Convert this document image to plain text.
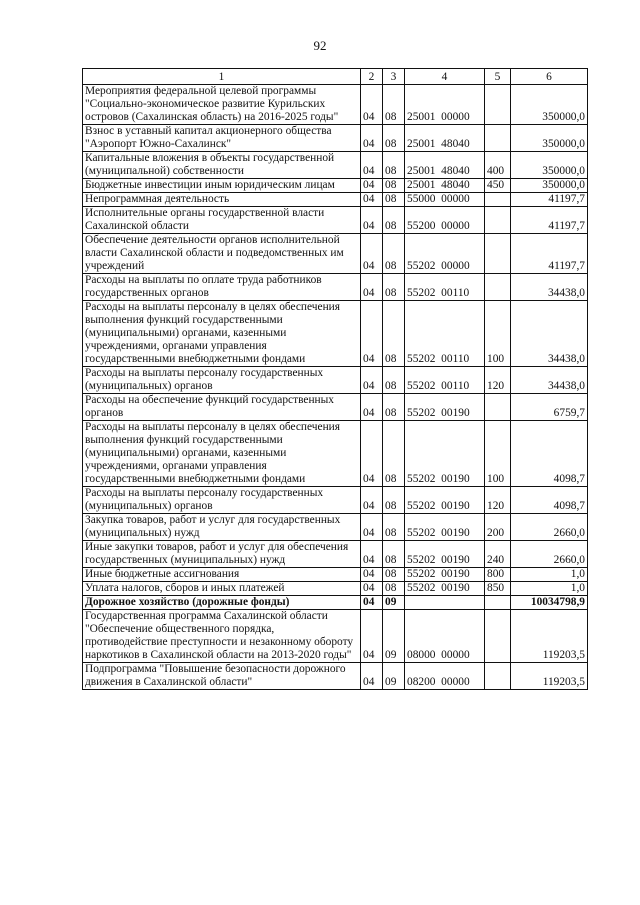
92
1	2	3	4	5	6
Мероприятия федеральной целевой программы "Социально-экономическое развитие Курильских островов (Сахалинская область) на 2016-2025 годы"	04	08	25001  00000		350000,0
Взнос в уставный капитал акционерного общества "Аэропорт Южно-Сахалинск"	04	08	25001  48040		350000,0
Капитальные вложения в объекты государственной (муниципальной) собственности	04	08	25001  48040	400	350000,0
Бюджетные инвестиции иным юридическим лицам	04	08	25001  48040	450	350000,0
Непрограммная деятельность	04	08	55000  00000		41197,7
Исполнительные органы государственной власти Сахалинской области	04	08	55200  00000		41197,7
Обеспечение деятельности органов исполнительной власти Сахалинской области и подведомственных им учреждений	04	08	55202  00000		41197,7
Расходы на выплаты по оплате труда работников государственных органов	04	08	55202  00110		34438,0
Расходы на выплаты персоналу в целях обеспечения выполнения функций государственными (муниципальными) органами, казенными учреждениями, органами управления государственными внебюджетными фондами	04	08	55202  00110	100	34438,0
Расходы на выплаты персоналу государственных (муниципальных) органов	04	08	55202  00110	120	34438,0
Расходы на обеспечение функций государственных органов	04	08	55202  00190		6759,7
Расходы на выплаты персоналу в целях обеспечения выполнения функций государственными (муниципальными) органами, казенными учреждениями, органами управления государственными внебюджетными фондами	04	08	55202  00190	100	4098,7
Расходы на выплаты персоналу государственных (муниципальных) органов	04	08	55202  00190	120	4098,7
Закупка товаров, работ и услуг для государственных (муниципальных) нужд	04	08	55202  00190	200	2660,0
Иные закупки товаров, работ и услуг для обеспечения государственных (муниципальных) нужд	04	08	55202  00190	240	2660,0
Иные бюджетные ассигнования	04	08	55202  00190	800	1,0
Уплата налогов, сборов и иных платежей	04	08	55202  00190	850	1,0
Дорожное хозяйство (дорожные фонды)	04	09			10034798,9
Государственная программа Сахалинской области "Обеспечение общественного порядка, противодействие преступности и незаконному обороту наркотиков в Сахалинской области на 2013-2020 годы"	04	09	08000  00000		119203,5
Подпрограмма "Повышение безопасности дорожного движения в Сахалинской области"	04	09	08200  00000		119203,5
